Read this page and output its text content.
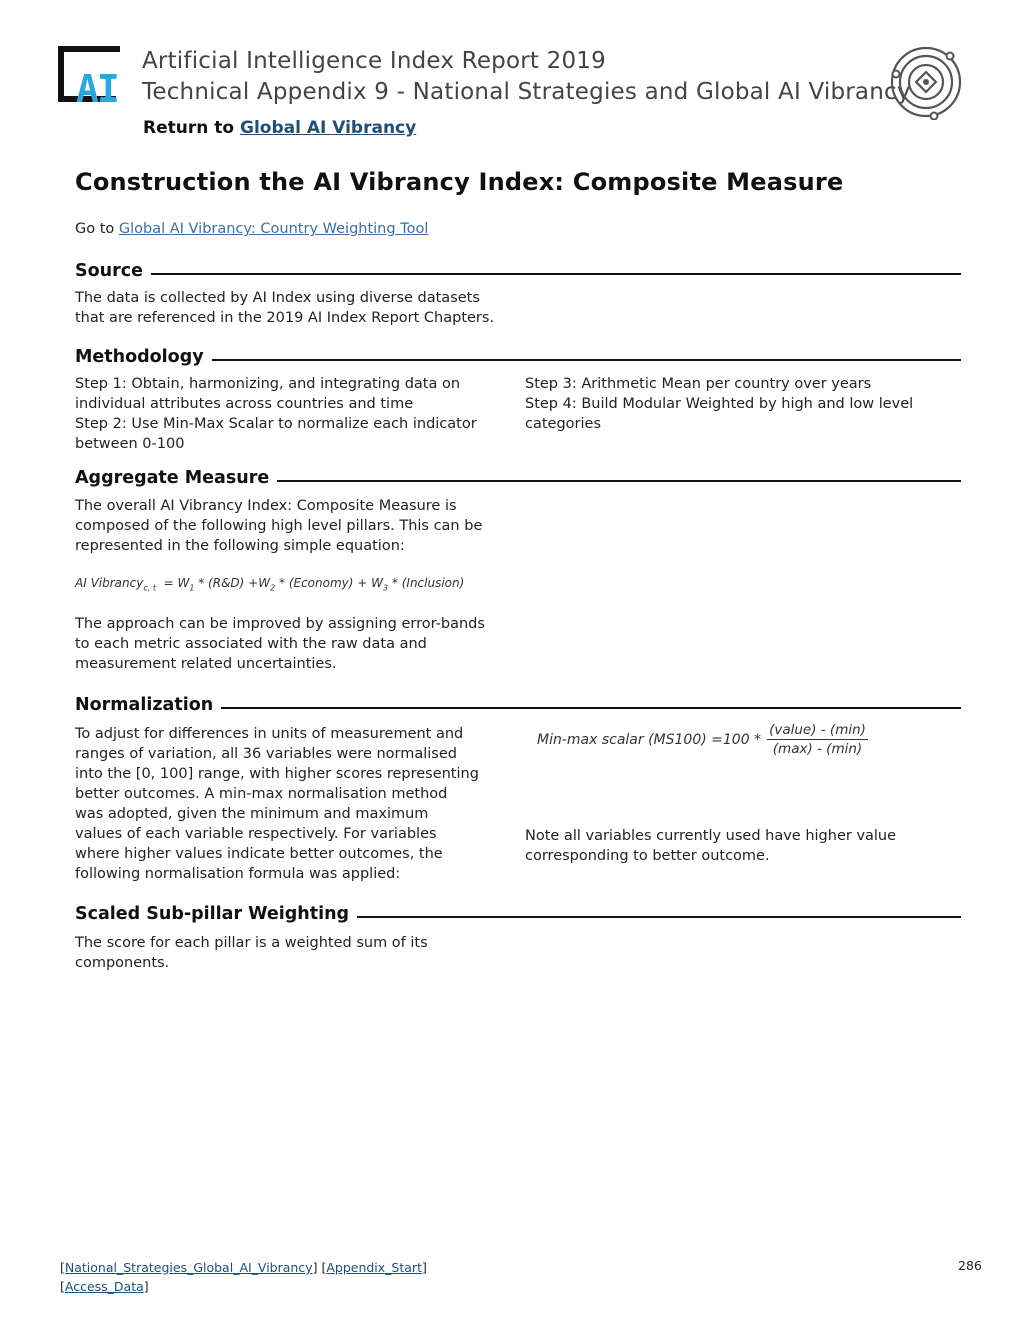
AI
Artificial Intelligence Index Report 2019
Technical Appendix 9 - National Strategies and Global AI Vibrancy
Return to Global AI Vibrancy
Construction the AI Vibrancy Index: Composite Measure
Go to Global AI Vibrancy: Country Weighting Tool
Source

The data is collected by AI Index using diverse datasets that are referenced in the 2019 AI Index Report Chapters.

Methodology

Step 1: Obtain, harmonizing, and integrating data on individual attributes across countries and time

Step 2: Use Min-Max Scalar to normalize each indicator between 0-100

Step 3: Arithmetic Mean per country over years

Step 4: Build Modular Weighted by high and low level categories

Aggregate Measure

The overall AI Vibrancy Index: Composite Measure is composed of the following high level pillars. This can be represented in the following simple equation:

AI Vibrancy$_{c, t}$ = $W_1$ * (R&D) $+W_2$ * (Economy) + $W_3$ * (Inclusion)

The approach can be improved by assigning error-bands to each metric associated with the raw data and measurement related uncertainties.

Normalization

To adjust for differences in units of measurement and ranges of variation, all 36 variables were normalised into the [0, 100] range, with higher scores representing better outcomes. A min-max normalisation method was adopted, given the minimum and maximum values of each variable respectively. For variables where higher values indicate better outcomes, the following normalisation formula was applied:

Min-max scalar $(MS100) =100 * \frac{\text{(value) - (min)}}{(\max) - (\min)}$

Note all variables currently used have higher value corresponding to better outcome.

Scaled Sub-pillar Weighting

The score for each pillar is a weighted sum of its components.

[National_Strategies_Global_AI_Vibrancy] [Appendix_Start]
[Access_Data]
286
